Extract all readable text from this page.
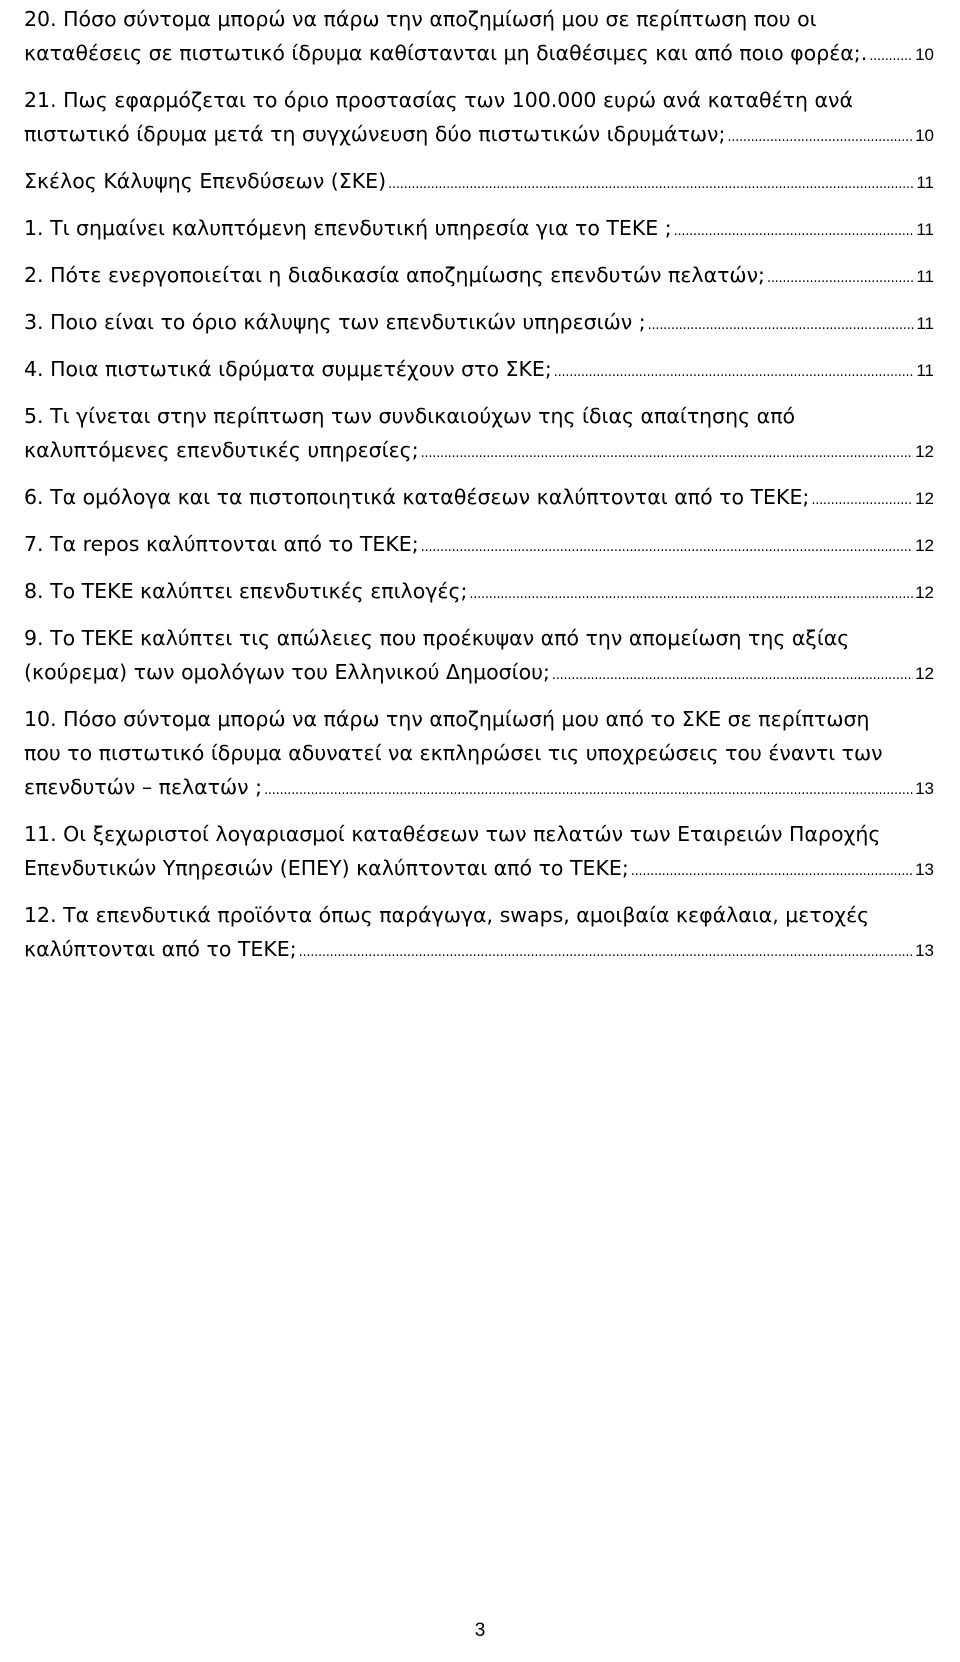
20. Πόσο σύντομα μπορώ να πάρω την αποζημίωσή μου σε περίπτωση που οι
καταθέσεις σε πιστωτικό ίδρυμα καθίστανται μη διαθέσιμες και από ποιο φορέα;. . . .	10
21. Πως εφαρμόζεται το όριο προστασίας των 100.000 ευρώ ανά καταθέτη ανά
πιστωτικό ίδρυμα μετά τη συγχώνευση δύο πιστωτικών ιδρυμάτων; . . .	10
Σκέλος Κάλυψης Επενδύσεων (ΣΚΕ) . . .	11
1. Τι σημαίνει καλυπτόμενη επενδυτική υπηρεσία για το ΤΕΚΕ ; . . .	11
2. Πότε ενεργοποιείται η διαδικασία αποζημίωσης επενδυτών πελατών; . . .	11
3. Ποιο είναι το όριο κάλυψης των επενδυτικών υπηρεσιών ; . . .	11
4. Ποια πιστωτικά ιδρύματα συμμετέχουν στο ΣΚΕ; . . .	11
5. Τι γίνεται στην περίπτωση των συνδικαιούχων της ίδιας απαίτησης από
καλυπτόμενες επενδυτικές υπηρεσίες; . . .	12
6. Τα ομόλογα και τα πιστοποιητικά καταθέσεων καλύπτονται από το ΤΕΚΕ; . . .	12
7. Τα repos καλύπτονται από το ΤΕΚΕ; . . .	12
8. Το ΤΕΚΕ καλύπτει επενδυτικές επιλογές; . . .	12
9. Το ΤΕΚΕ καλύπτει τις απώλειες που προέκυψαν από την απομείωση της αξίας
(κούρεμα) των ομολόγων του Ελληνικού Δημοσίου; . . .	12
10. Πόσο σύντομα μπορώ να πάρω την αποζημίωσή μου από το ΣΚΕ σε περίπτωση
που το πιστωτικό ίδρυμα αδυνατεί να εκπληρώσει τις υποχρεώσεις του έναντι των
επενδυτών – πελατών ; . . .	13
11. Οι ξεχωριστοί λογαριασμοί καταθέσεων των πελατών των Εταιρειών Παροχής
Επενδυτικών Υπηρεσιών (ΕΠΕΥ) καλύπτονται από το ΤΕΚΕ; . . .	13
12. Τα επενδυτικά προϊόντα όπως παράγωγα, swaps, αμοιβαία κεφάλαια, μετοχές
καλύπτονται από το ΤΕΚΕ; . . .	13
3
